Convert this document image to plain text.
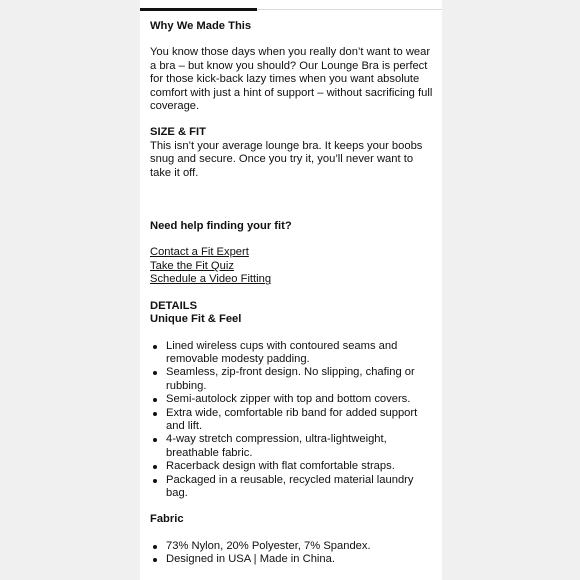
Why We Made This

You know those days when you really don’t want to wear a bra – but know you should? Our Lounge Bra is perfect for those kick-back lazy times when you want absolute comfort with just a hint of support – without sacrificing full coverage.

SIZE & FIT

This isn’t your average lounge bra. It keeps your boobs snug and secure. Once you try it, you’ll never want to take it off.

Need help finding your fit?

Contact a Fit Expert
Take the Fit Quiz
Schedule a Video Fitting

DETAILS

Unique Fit & Feel

Lined wireless cups with contoured seams and removable modesty padding.
Seamless, zip-front design. No slipping, chafing or rubbing.
Semi-autolock zipper with top and bottom covers.
Extra wide, comfortable rib band for added support and lift.
4-way stretch compression, ultra-lightweight, breathable fabric.
Racerback design with flat comfortable straps.
Packaged in a reusable, recycled material laundry bag.

Fabric

73% Nylon, 20% Polyester, 7% Spandex.
Designed in USA | Made in China.
